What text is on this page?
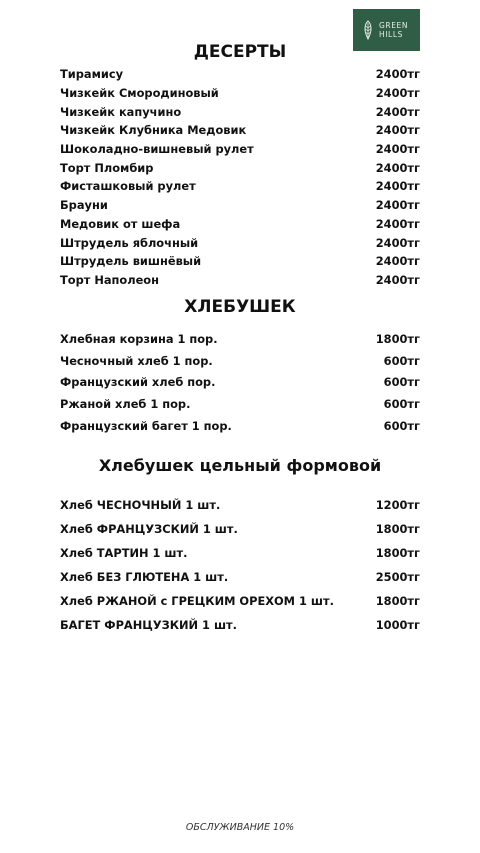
GREEN
HILLS
ДЕСЕРТЫ
Тирамису	2400тг
Чизкейк Смородиновый	2400тг
Чизкейк капучино	2400тг
Чизкейк Клубника Медовик	2400тг
Шоколадно-вишневый рулет	2400тг
Торт Пломбир	2400тг
Фисташковый рулет	2400тг
Брауни	2400тг
Медовик от шефа	2400тг
Штрудель яблочный	2400тг
Штрудель вишнёвый	2400тг
Торт Наполеон	2400тг
ХЛЕБУШЕК
Хлебная корзина 1 пор.	1800тг
Чесночный хлеб 1 пор.	600тг
Французский хлеб пор.	600тг
Ржаной хлеб 1 пор.	600тг
Французский багет 1 пор.	600тг
Хлебушек цельный формовой
Хлеб ЧЕСНОЧНЫЙ 1 шт.	1200тг
Хлеб ФРАНЦУЗСКИЙ 1 шт.	1800тг
Хлеб ТАРТИН 1 шт.	1800тг
Хлеб БЕЗ ГЛЮТЕНА 1 шт.	2500тг
Хлеб РЖАНОЙ с ГРЕЦКИМ ОРЕХОМ 1 шт.	1800тг
БАГЕТ ФРАНЦУЗКИЙ 1 шт.	1000тг
ОБСЛУЖИВАНИЕ 10%
